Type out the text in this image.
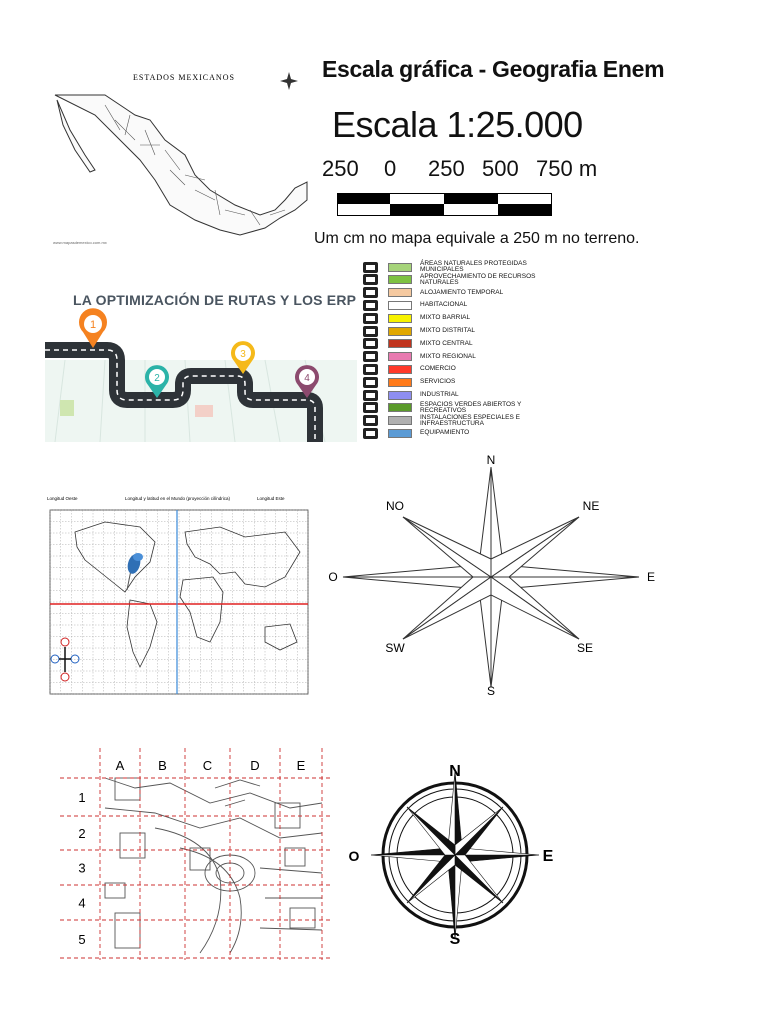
ESTADOS MEXICANOS
www.mapasdemexico.com.mx
Escala gráfica - Geografia Enem
Escala 1:25.000
250 0 250 500 750 m
Um cm no mapa equivale a 250 m no terreno.
LA OPTIMIZACIÓN DE RUTAS Y LOS ERP
1
2
3
4
ÁREAS NATURALES PROTEGIDAS MUNICIPALES
APROVECHAMIENTO DE RECURSOS NATURALES
ALOJAMIENTO TEMPORAL
HABITACIONAL
MIXTO BARRIAL
MIXTO DISTRITAL
MIXTO CENTRAL
MIXTO REGIONAL
COMERCIO
SERVICIOS
INDUSTRIAL
ESPACIOS VERDES ABIERTOS Y RECREATIVOS
INSTALACIONES ESPECIALES E INFRAESTRUCTURA
EQUIPAMIENTO
Longitud Oeste	Longitud y latitud en el Mundo (proyección cilíndrica)	Longitud Este
N
NE
E
SE
S
SW
O
NO
A	B	C	D	E
1
2
3
4
5
N
E
S
O
